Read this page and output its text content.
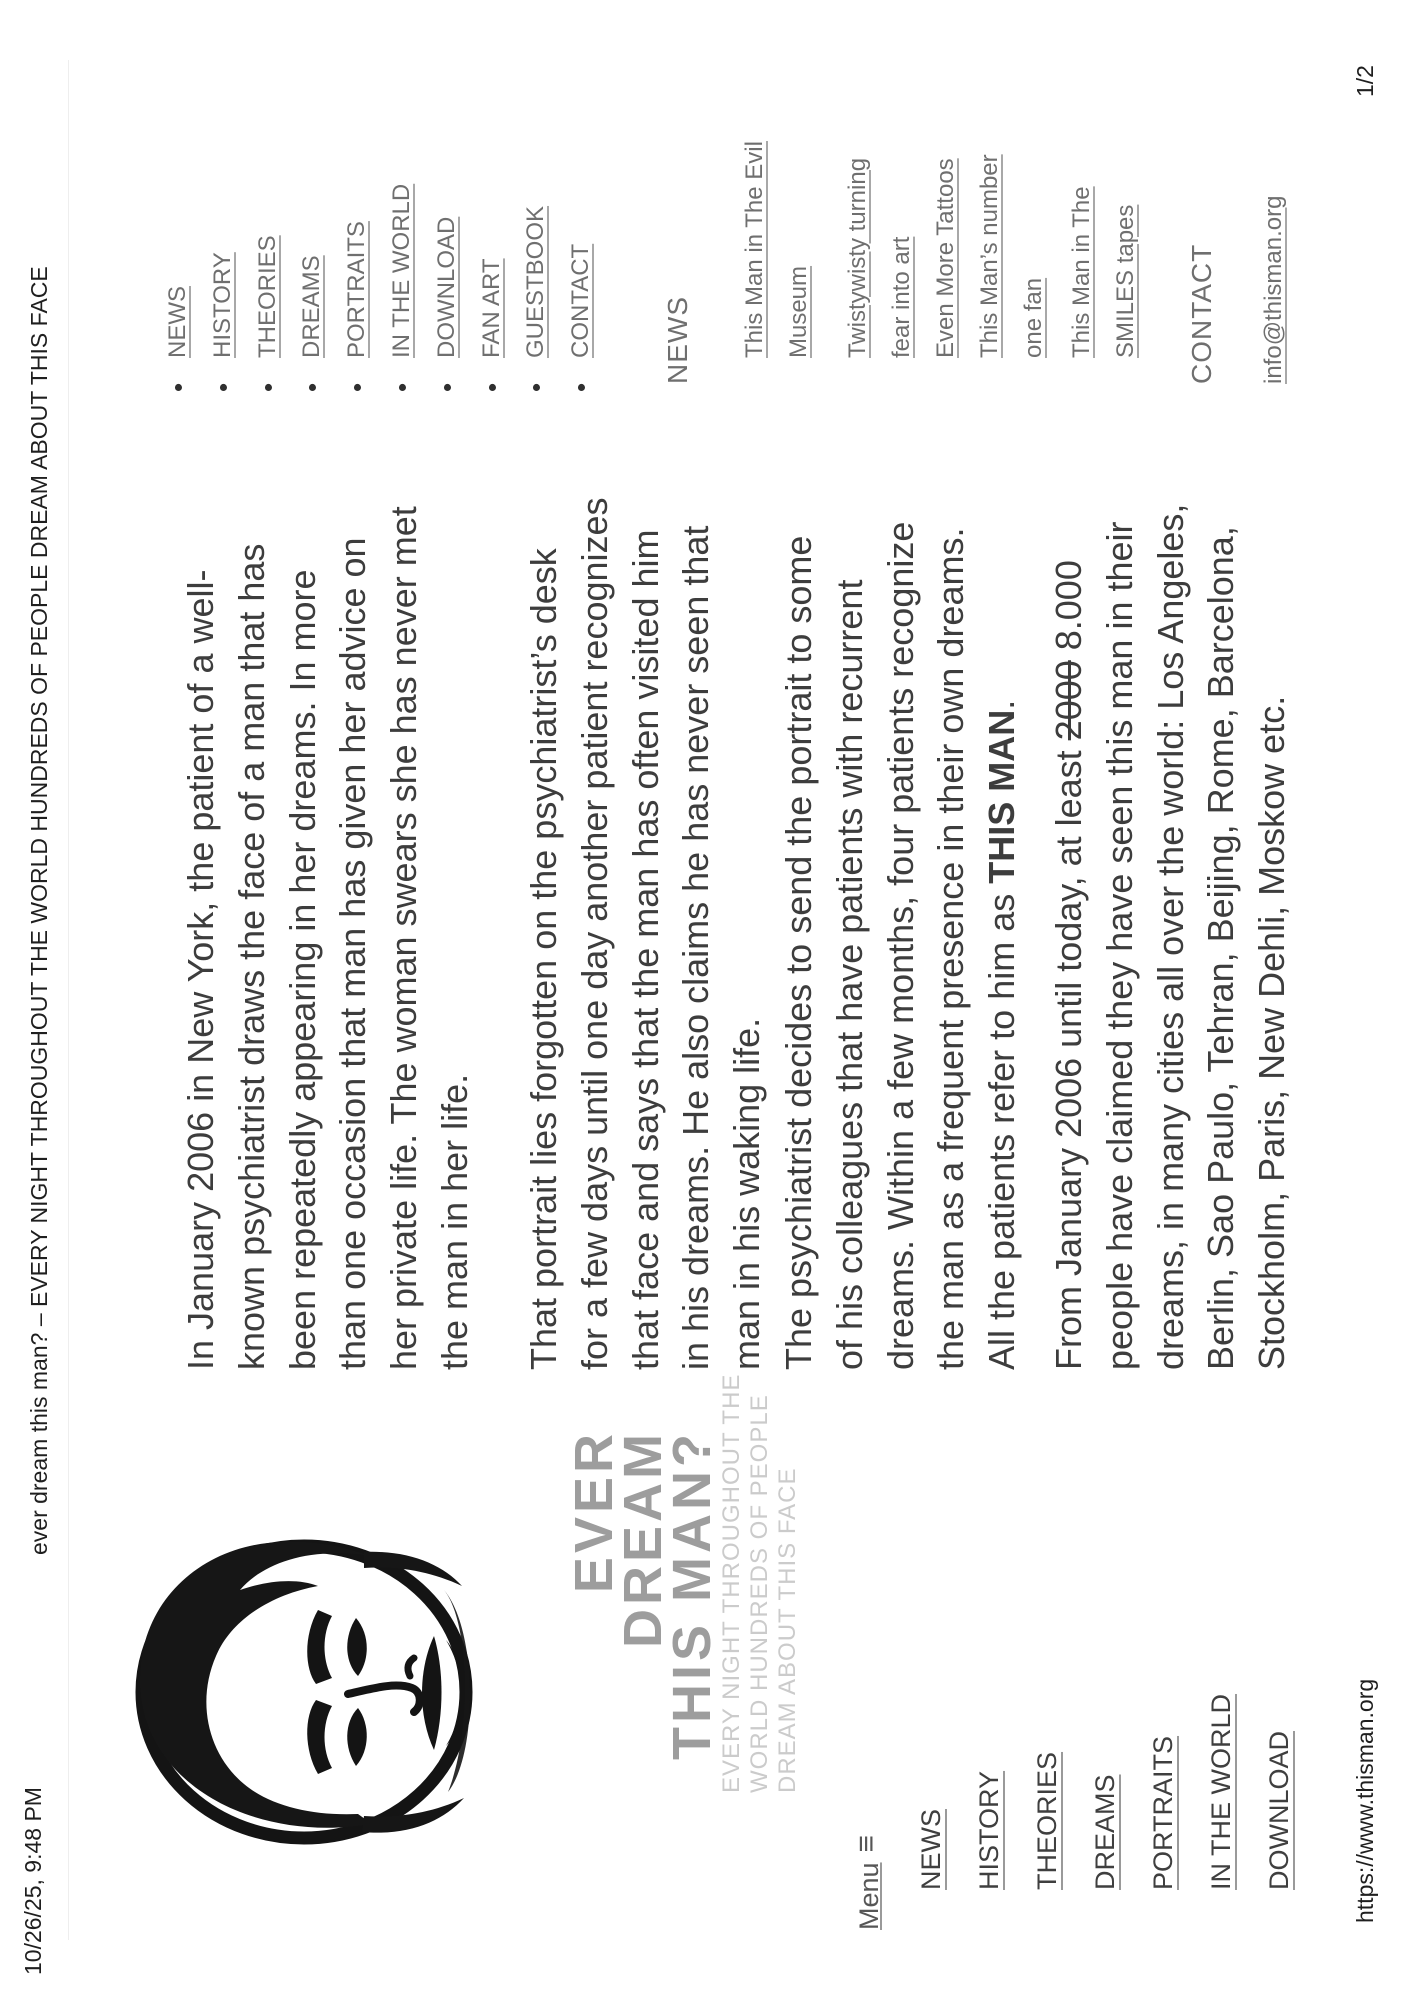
10/26/25, 9:48 PM
ever dream this man? – EVERY NIGHT THROUGHOUT THE WORLD HUNDREDS OF PEOPLE DREAM ABOUT THIS FACE	EVER
DREAM
THIS MAN?
EVERY NIGHT THROUGHOUT THE WORLD HUNDREDS OF PEOPLE DREAM ABOUT THIS FACE
Menu≡	NEWS	HISTORY	THEORIES	DREAMS	PORTRAITS	IN THE WORLD	DOWNLOAD
In January 2006 in New York, the patient of a well- known psychiatrist draws the face of a man that has been repeatedly appearing in her dreams. In more than one occasion that man has given her advice on her private life. The woman swears she has never met the man in her life. That portrait lies forgotten on the psychiatrist’s desk for a few days until one day another patient recognizes that face and says that the man has often visited him in his dreams. He also claims he has never seen that man in his waking life. The psychiatrist decides to send the portrait to some of his colleagues that have patients with recurrent dreams. Within a few months, four patients recognize the man as a frequent presence in their own dreams. All the patients refer to him as THIS MAN.
From January 2006 until today, at least 2000 8.000 people have claimed they have seen this man in their dreams, in many cities all over the world: Los Angeles, Berlin, Sao Paulo, Tehran, Beijing, Rome, Barcelona, Stockholm, Paris, New Dehli, Moskow etc.
• NEWS • HISTORY • THEORIES • DREAMS • PORTRAITS • IN THE WORLD • DOWNLOAD • FAN ART • GUESTBOOK • CONTACT	NEWS	This Man in The Evil Museum	Twistywisty turning fear into art Even More Tattoos This Man’s number one fan This Man in The SMILES tapes	CONTACT info@thisman.org
https://www.thisman.org
1/2
